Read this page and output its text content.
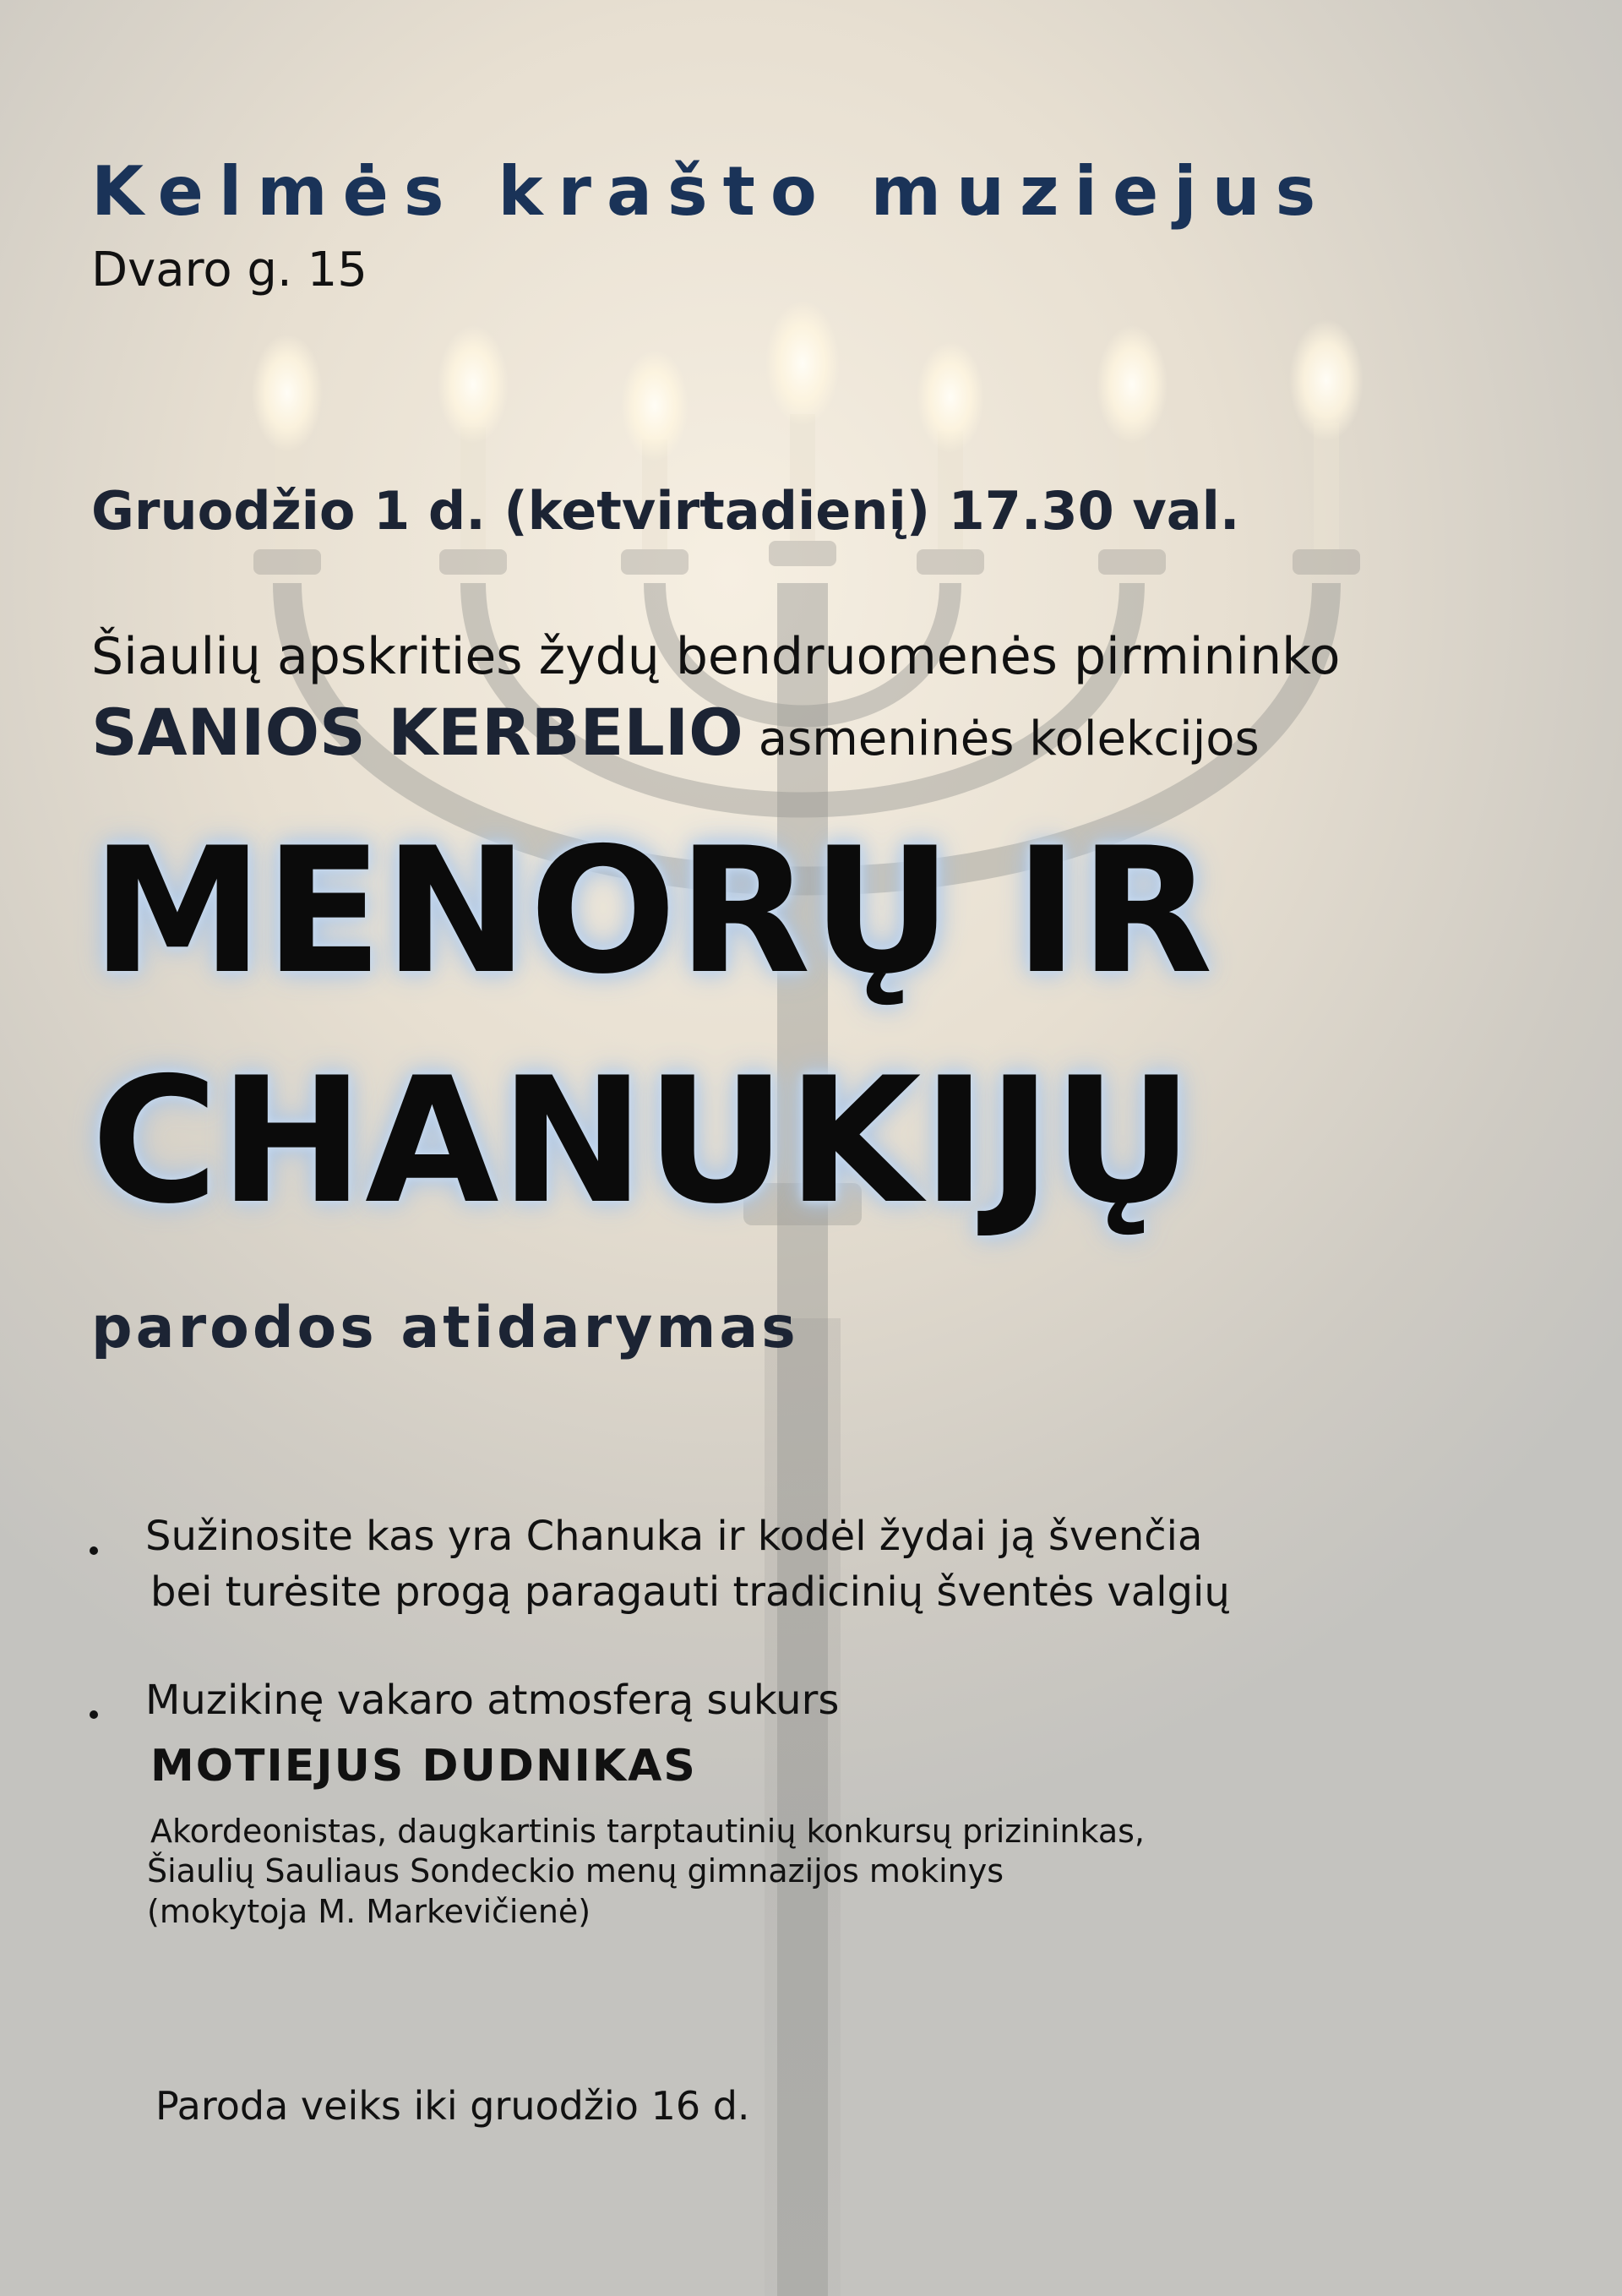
Kelmės krašto muziejus
Dvaro g. 15
Gruodžio 1 d. (ketvirtadienį) 17.30 val.
Šiaulių apskrities žydų bendruomenės pirmininko
SANIOS KERBELIO asmeninės kolekcijos
MENORŲ IR
CHANUKIJŲ
parodos atidarymas
Sužinosite kas yra Chanuka ir kodėl žydai ją švenčia
bei turėsite progą paragauti tradicinių šventės valgių
Muzikinę vakaro atmosferą sukurs
MOTIEJUS DUDNIKAS
Akordeonistas, daugkartinis tarptautinių konkursų prizininkas,
Šiaulių Sauliaus Sondeckio menų gimnazijos mokinys
(mokytoja M. Markevičienė)
Paroda veiks iki gruodžio 16 d.
